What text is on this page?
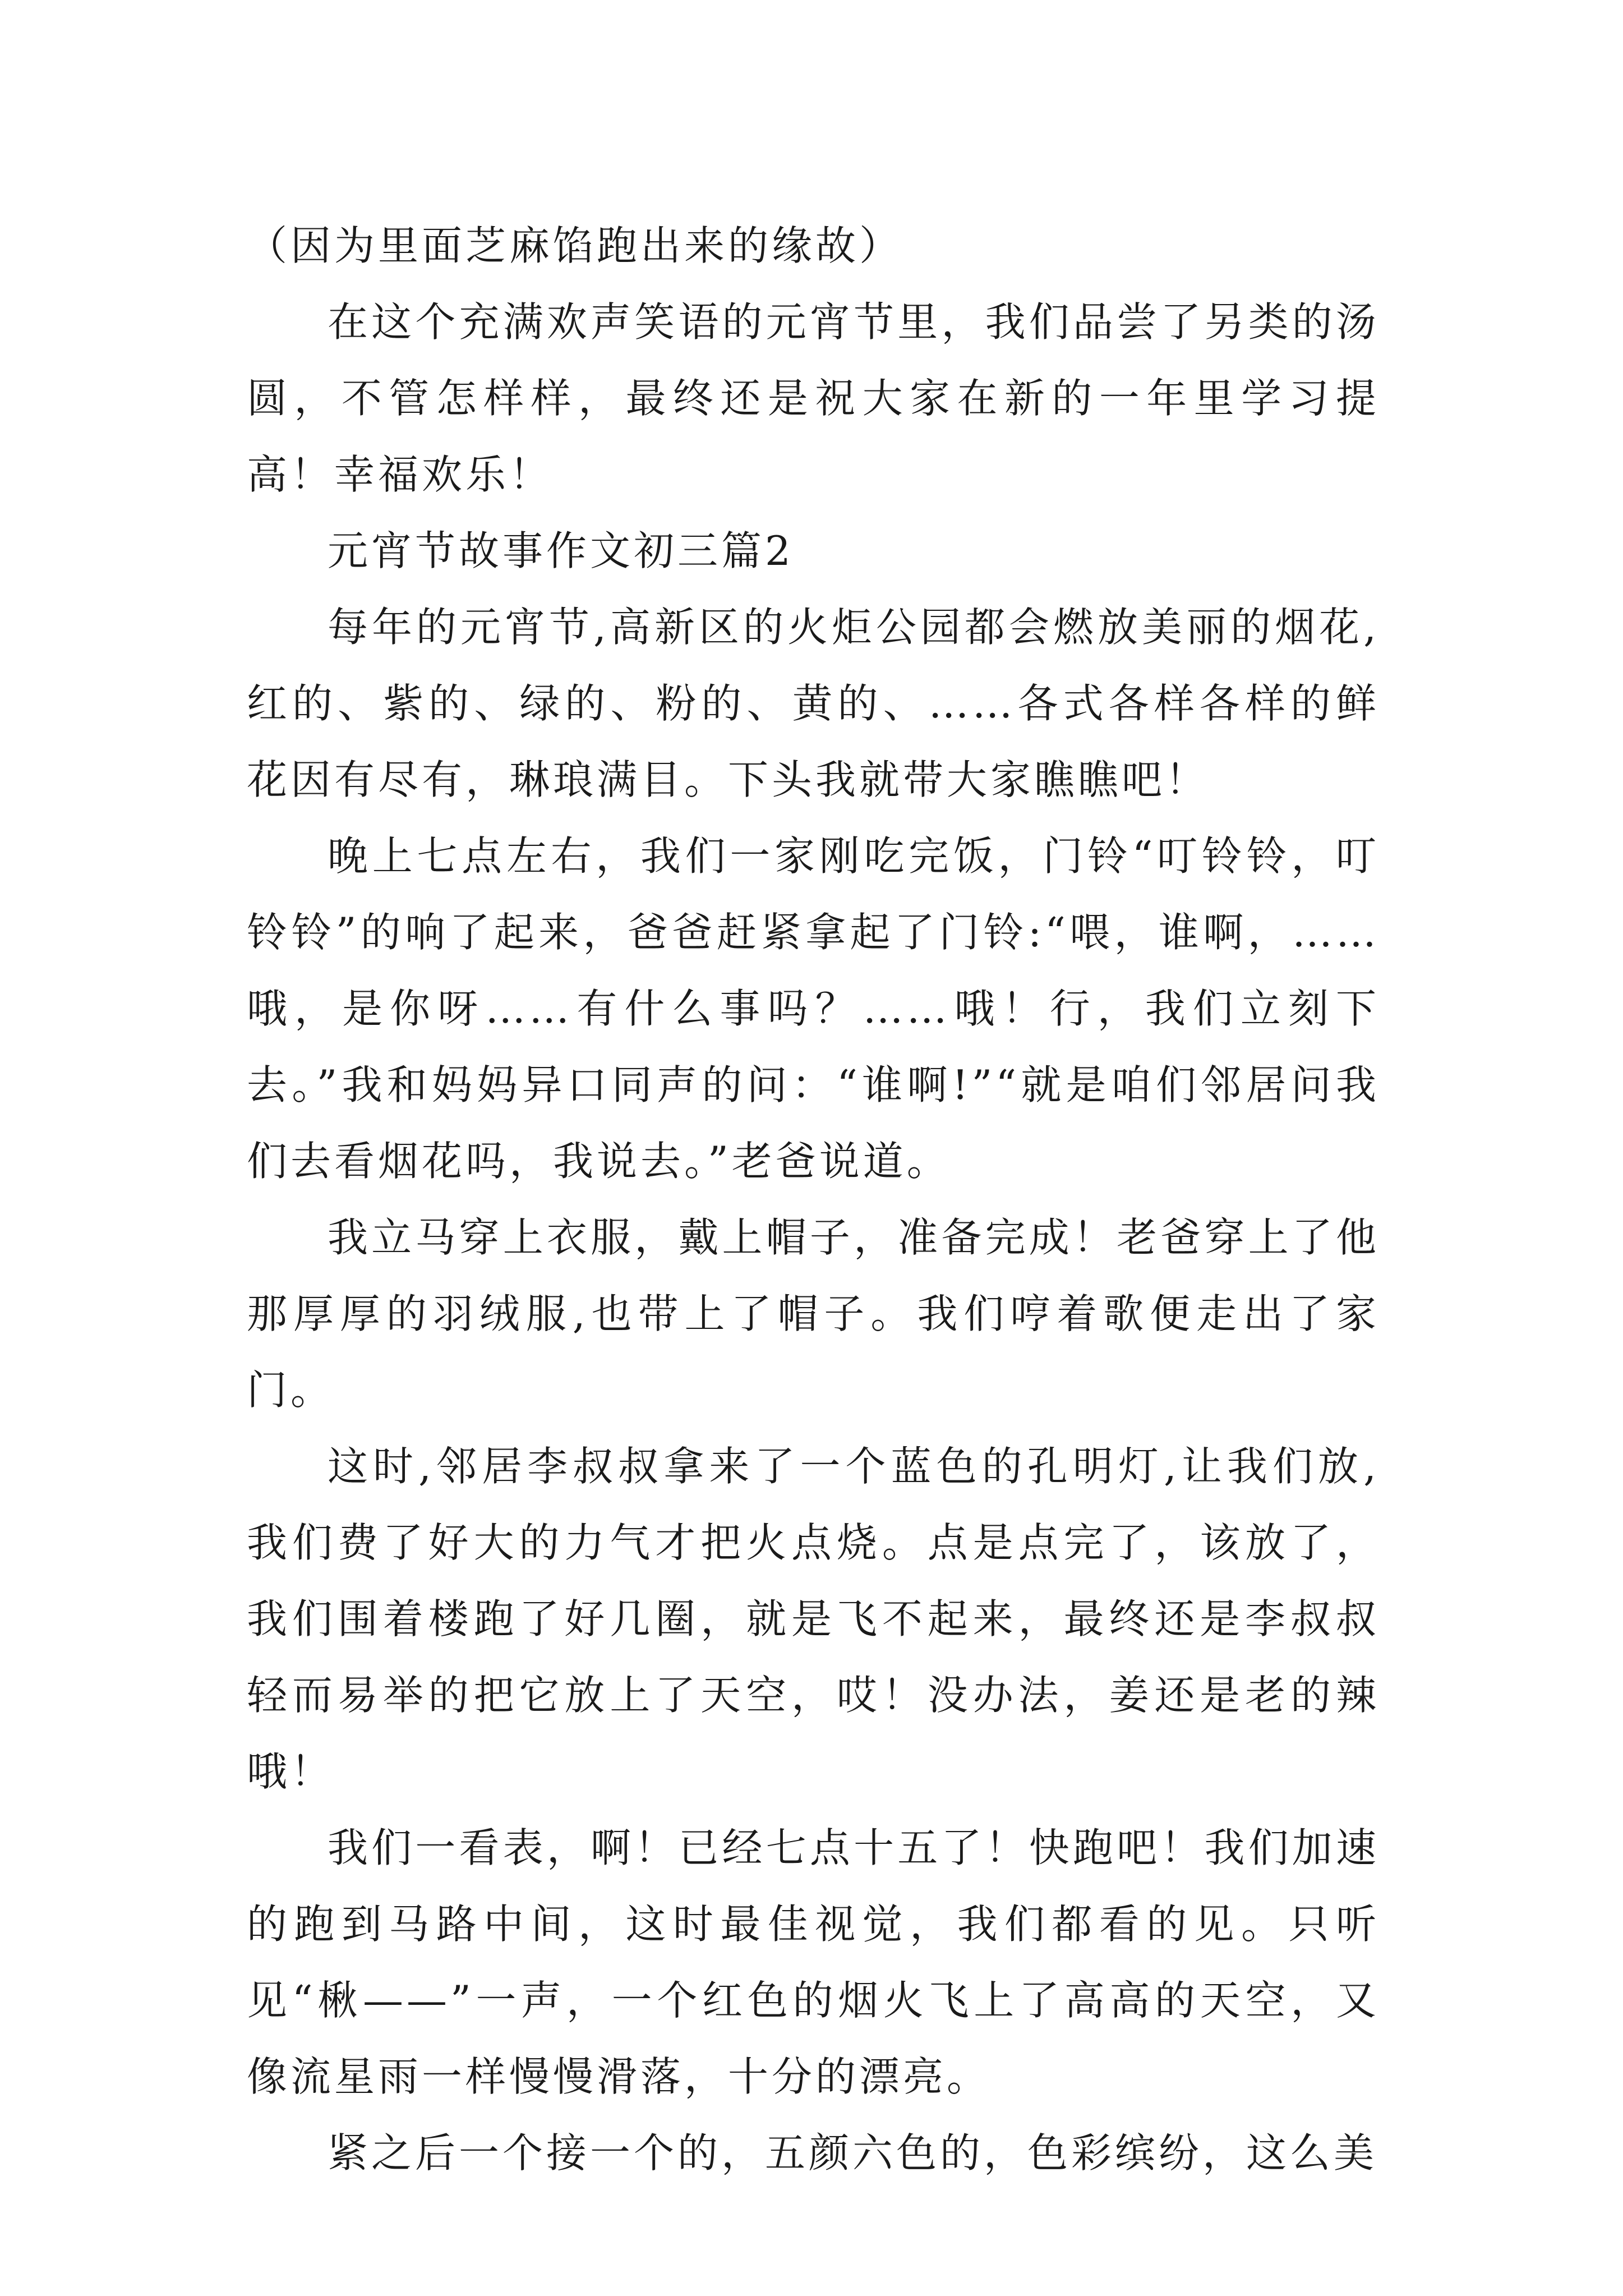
（因为里面芝麻馅跑出来的缘故）

在这个充满欢声笑语的元宵节里，我们品尝了另类的汤圆，不管怎样样，最终还是祝大家在新的一年里学习提高！幸福欢乐！

元宵节故事作文初三篇2

每年的元宵节,高新区的火炬公园都会燃放美丽的烟花,红的、紫的、绿的、粉的、黄的、……各式各样各样的鲜花因有尽有，琳琅满目。下头我就带大家瞧瞧吧！

晚上七点左右，我们一家刚吃完饭，门铃“叮铃铃，叮铃铃”的响了起来，爸爸赶紧拿起了门铃:“喂，谁啊，……哦，是你呀……有什么事吗？……哦！行，我们立刻下去。”我和妈妈异口同声的问：“谁啊!”“就是咱们邻居问我们去看烟花吗，我说去。”老爸说道。

我立马穿上衣服，戴上帽子，准备完成！老爸穿上了他那厚厚的羽绒服,也带上了帽子。我们哼着歌便走出了家门。

这时,邻居李叔叔拿来了一个蓝色的孔明灯,让我们放,我们费了好大的力气才把火点烧。点是点完了，该放了，我们围着楼跑了好几圈，就是飞不起来，最终还是李叔叔轻而易举的把它放上了天空，哎！没办法，姜还是老的辣哦！

我们一看表，啊！已经七点十五了！快跑吧！我们加速的跑到马路中间，这时最佳视觉，我们都看的见。只听见“楸——”一声，一个红色的烟火飞上了高高的天空，又像流星雨一样慢慢滑落，十分的漂亮。

紧之后一个接一个的，五颜六色的，色彩缤纷，这么美
